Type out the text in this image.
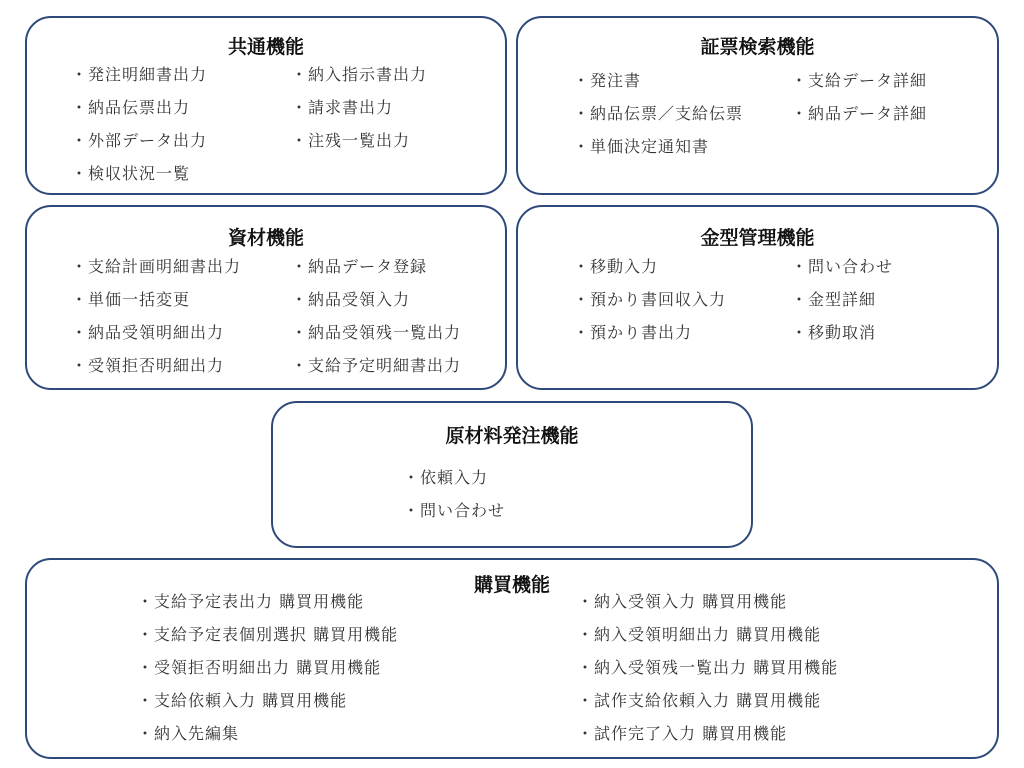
共通機能
・発注明細書出力
・納品伝票出力
・外部データ出力
・検収状況一覧
・納入指示書出力
・請求書出力
・注残一覧出力
証票検索機能
・発注書
・納品伝票／支給伝票
・単価決定通知書
・支給データ詳細
・納品データ詳細
資材機能
・支給計画明細書出力
・単価一括変更
・納品受領明細出力
・受領拒否明細出力
・納品データ登録
・納品受領入力
・納品受領残一覧出力
・支給予定明細書出力
金型管理機能
・移動入力
・預かり書回収入力
・預かり書出力
・問い合わせ
・金型詳細
・移動取消
原材料発注機能
・依頼入力
・問い合わせ
購買機能
・支給予定表出力 購買用機能
・支給予定表個別選択 購買用機能
・受領拒否明細出力 購買用機能
・支給依頼入力 購買用機能
・納入先編集
・納入受領入力 購買用機能
・納入受領明細出力 購買用機能
・納入受領残一覧出力 購買用機能
・試作支給依頼入力 購買用機能
・試作完了入力 購買用機能
